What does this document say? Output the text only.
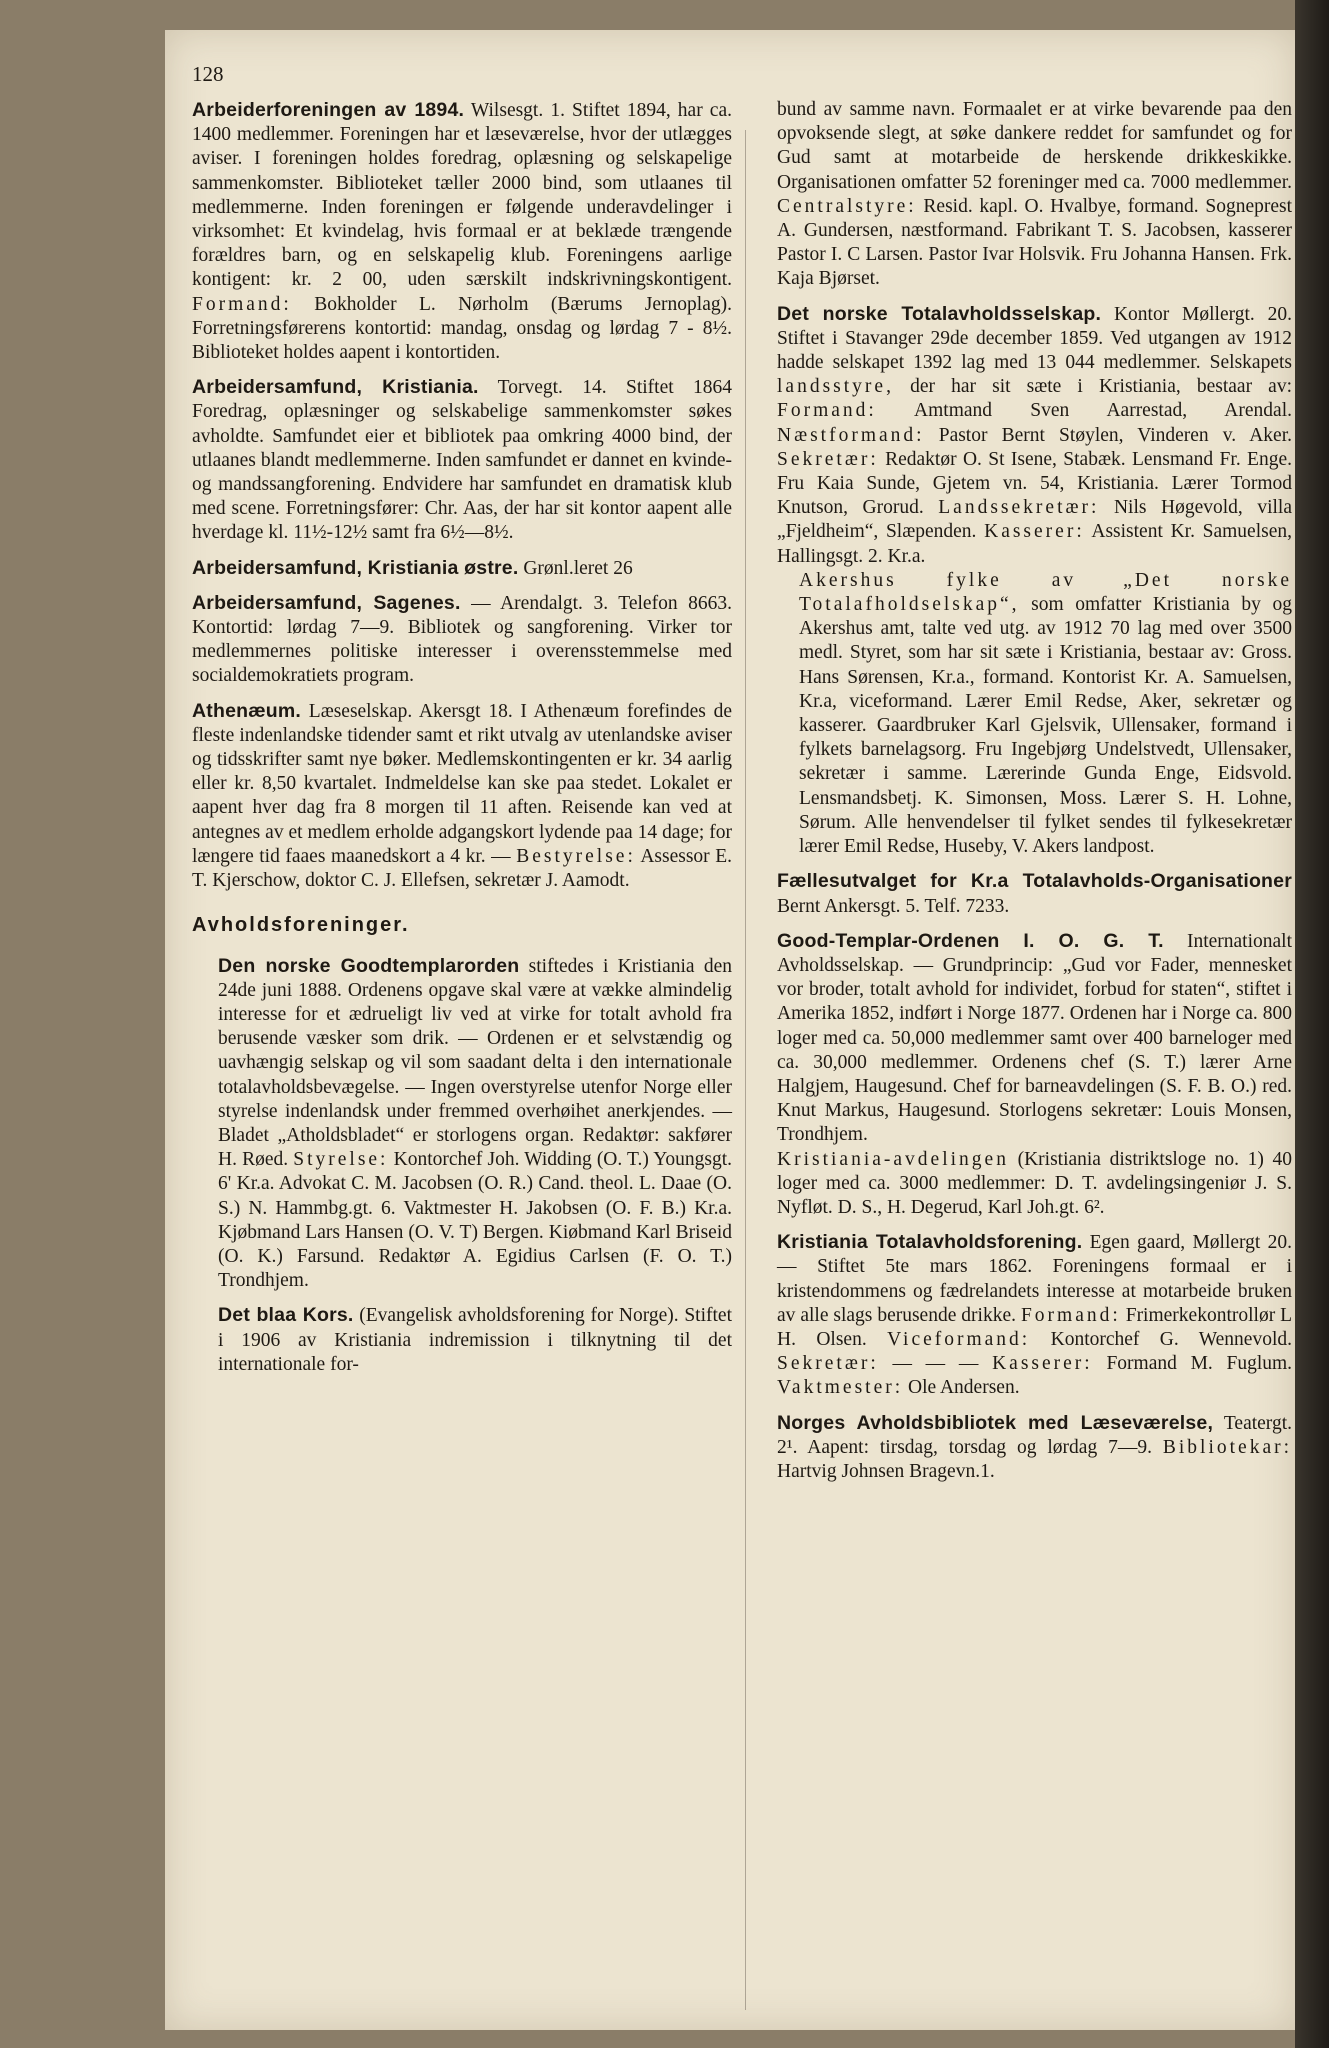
128

Arbeiderforeningen av 1894. Wilsesgt. 1. Stiftet 1894, har ca. 1400 medlemmer. Foreningen har et læseværelse, hvor der utlægges aviser. I foreningen holdes foredrag, oplæsning og selskapelige sammenkomster. Biblioteket tæller 2000 bind, som utlaanes til medlemmerne. Inden foreningen er følgende underavdelinger i virksomhet: Et kvindelag, hvis formaal er at beklæde trængende forældres barn, og en selskapelig klub. Foreningens aarlige kontigent: kr. 2 00, uden særskilt indskrivningskontigent. Formand: Bokholder L. Nørholm (Bærums Jernoplag). Forretningsførerens kontortid: mandag, onsdag og lørdag 7 - 8½. Biblioteket holdes aapent i kontortiden.

Arbeidersamfund, Kristiania. Torvegt. 14. Stiftet 1864 Foredrag, oplæsninger og selskabelige sammenkomster søkes avholdte. Samfundet eier et bibliotek paa omkring 4000 bind, der utlaanes blandt medlemmerne. Inden samfundet er dannet en kvinde- og mandssangforening. Endvidere har samfundet en dramatisk klub med scene. Forretningsfører: Chr. Aas, der har sit kontor aapent alle hverdage kl. 11½-12½ samt fra 6½—8½.

Arbeidersamfund, Kristiania østre. Grønl.leret 26

Arbeidersamfund, Sagenes. — Arendalgt. 3. Telefon 8663. Kontortid: lørdag 7—9. Bibliotek og sangforening. Virker tor medlemmernes politiske interesser i overensstemmelse med socialdemokratiets program.

Athenæum. Læseselskap. Akersgt 18. I Athenæum forefindes de fleste indenlandske tidender samt et rikt utvalg av utenlandske aviser og tidsskrifter samt nye bøker. Medlemskontingenten er kr. 34 aarlig eller kr. 8,50 kvartalet. Indmeldelse kan ske paa stedet. Lokalet er aapent hver dag fra 8 morgen til 11 aften. Reisende kan ved at antegnes av et medlem erholde adgangskort lydende paa 14 dage; for længere tid faaes maanedskort a 4 kr. — Bestyrelse: Assessor E. T. Kjerschow, doktor C. J. Ellefsen, sekretær J. Aamodt.

Avholdsforeninger.

Den norske Goodtemplarorden stiftedes i Kristiania den 24de juni 1888. Ordenens opgave skal være at vække almindelig interesse for et ædrueligt liv ved at virke for totalt avhold fra berusende væsker som drik. — Ordenen er et selvstændig og uavhængig selskap og vil som saadant delta i den internationale totalavholdsbevægelse. — Ingen overstyrelse utenfor Norge eller styrelse indenlandsk under fremmed overhøihet anerkjendes. — Bladet „Atholdsbladet“ er storlogens organ. Redaktør: sakfører H. Røed. Styrelse: Kontorchef Joh. Widding (O. T.) Youngsgt. 6' Kr.a. Advokat C. M. Jacobsen (O. R.) Cand. theol. L. Daae (O. S.) N. Hammbg.gt. 6. Vaktmester H. Jakobsen (O. F. B.) Kr.a. Kjøbmand Lars Hansen (O. V. T) Bergen. Kiøbmand Karl Briseid (O. K.) Farsund. Redaktør A. Egidius Carlsen (F. O. T.) Trondhjem.

Det blaa Kors. (Evangelisk avholdsforening for Norge). Stiftet i 1906 av Kristiania indremission i tilknytning til det internationale for-

bund av samme navn. Formaalet er at virke bevarende paa den opvoksende slegt, at søke dankere reddet for samfundet og for Gud samt at motarbeide de herskende drikkeskikke. Organisationen omfatter 52 foreninger med ca. 7000 medlemmer. Centralstyre: Resid. kapl. O. Hvalbye, formand. Sogneprest A. Gundersen, næstformand. Fabrikant T. S. Jacobsen, kasserer Pastor I. C Larsen. Pastor Ivar Holsvik. Fru Johanna Hansen. Frk. Kaja Bjørset.

Det norske Totalavholdsselskap. Kontor Møllergt. 20. Stiftet i Stavanger 29de december 1859. Ved utgangen av 1912 hadde selskapet 1392 lag med 13 044 medlemmer. Selskapets landsstyre, der har sit sæte i Kristiania, bestaar av: Formand: Amtmand Sven Aarrestad, Arendal. Næstformand: Pastor Bernt Støylen, Vinderen v. Aker. Sekretær: Redaktør O. St Isene, Stabæk. Lensmand Fr. Enge. Fru Kaia Sunde, Gjetem vn. 54, Kristiania. Lærer Tormod Knutson, Grorud. Landssekretær: Nils Høgevold, villa „Fjeldheim“, Slæpenden. Kasserer: Assistent Kr. Samuelsen, Hallingsgt. 2. Kr.a.

Akershus fylke av „Det norske Totalafholdselskap“, som omfatter Kristiania by og Akershus amt, talte ved utg. av 1912 70 lag med over 3500 medl. Styret, som har sit sæte i Kristiania, bestaar av: Gross. Hans Sørensen, Kr.a., formand. Kontorist Kr. A. Samuelsen, Kr.a, viceformand. Lærer Emil Redse, Aker, sekretær og kasserer. Gaardbruker Karl Gjelsvik, Ullensaker, formand i fylkets barnelagsorg. Fru Ingebjørg Undelstvedt, Ullensaker, sekretær i samme. Lærerinde Gunda Enge, Eidsvold. Lensmandsbetj. K. Simonsen, Moss. Lærer S. H. Lohne, Sørum. Alle henvendelser til fylket sendes til fylkesekretær lærer Emil Redse, Huseby, V. Akers landpost.

Fællesutvalget for Kr.a Totalavholds-Organisationer Bernt Ankersgt. 5. Telf. 7233.

Good-Templar-Ordenen I. O. G. T. Internationalt Avholdsselskap. — Grundprincip: „Gud vor Fader, mennesket vor broder, totalt avhold for individet, forbud for staten“, stiftet i Amerika 1852, indført i Norge 1877. Ordenen har i Norge ca. 800 loger med ca. 50,000 medlemmer samt over 400 barneloger med ca. 30,000 medlemmer. Ordenens chef (S. T.) lærer Arne Halgjem, Haugesund. Chef for barneavdelingen (S. F. B. O.) red. Knut Markus, Haugesund. Storlogens sekretær: Louis Monsen, Trondhjem.

Kristiania-avdelingen (Kristiania distriktsloge no. 1) 40 loger med ca. 3000 medlemmer: D. T. avdelingsingeniør J. S. Nyfløt. D. S., H. Degerud, Karl Joh.gt. 6².

Kristiania Totalavholdsforening. Egen gaard, Møllergt 20. — Stiftet 5te mars 1862. Foreningens formaal er i kristendommens og fædrelandets interesse at motarbeide bruken av alle slags berusende drikke. Formand: Frimerkekontrollør L H. Olsen. Viceformand: Kontorchef G. Wennevold. Sekretær: — — — Kasserer: Formand M. Fuglum. Vaktmester: Ole Andersen.

Norges Avholdsbibliotek med Læseværelse, Teatergt. 2¹. Aapent: tirsdag, torsdag og lørdag 7—9. Bibliotekar: Hartvig Johnsen Bragevn.1.
